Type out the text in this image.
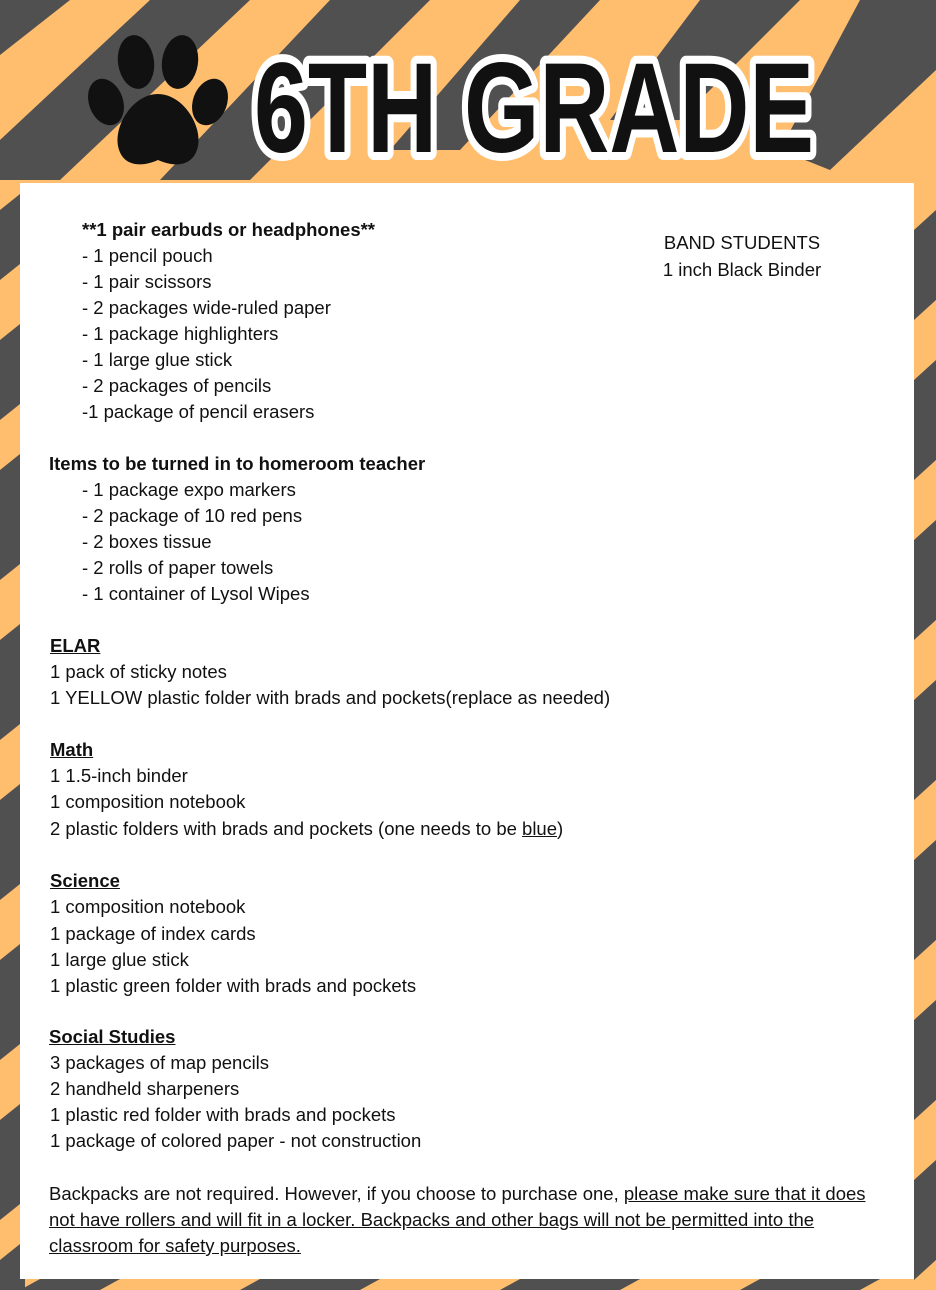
6TH GRADE
**1 pair earbuds or headphones**
- 1 pencil pouch
- 1 pair scissors
- 2 packages wide-ruled paper
- 1 package highlighters
- 1 large glue stick
- 2 packages of pencils
-1 package of pencil erasers
BAND STUDENTS
1 inch Black Binder
Items to be turned in to homeroom teacher
- 1 package expo markers
- 2 package of 10 red pens
- 2 boxes tissue
- 2 rolls of paper towels
- 1 container of Lysol Wipes
ELAR
1 pack of sticky notes
1 YELLOW plastic folder with brads and pockets(replace as needed)
Math
1 1.5-inch binder
1 composition notebook
2 plastic folders with brads and pockets (one needs to be blue)
Science
1 composition notebook
1 package of index cards
1 large glue stick
1 plastic green folder with brads and pockets
Social Studies
3 packages of map pencils
2 handheld sharpeners
1 plastic red folder with brads and pockets
1 package of colored paper - not construction
Backpacks are not required. However, if you choose to purchase one, please make sure that it does not have rollers and will fit in a locker. Backpacks and other bags will not be permitted into the classroom for safety purposes.
